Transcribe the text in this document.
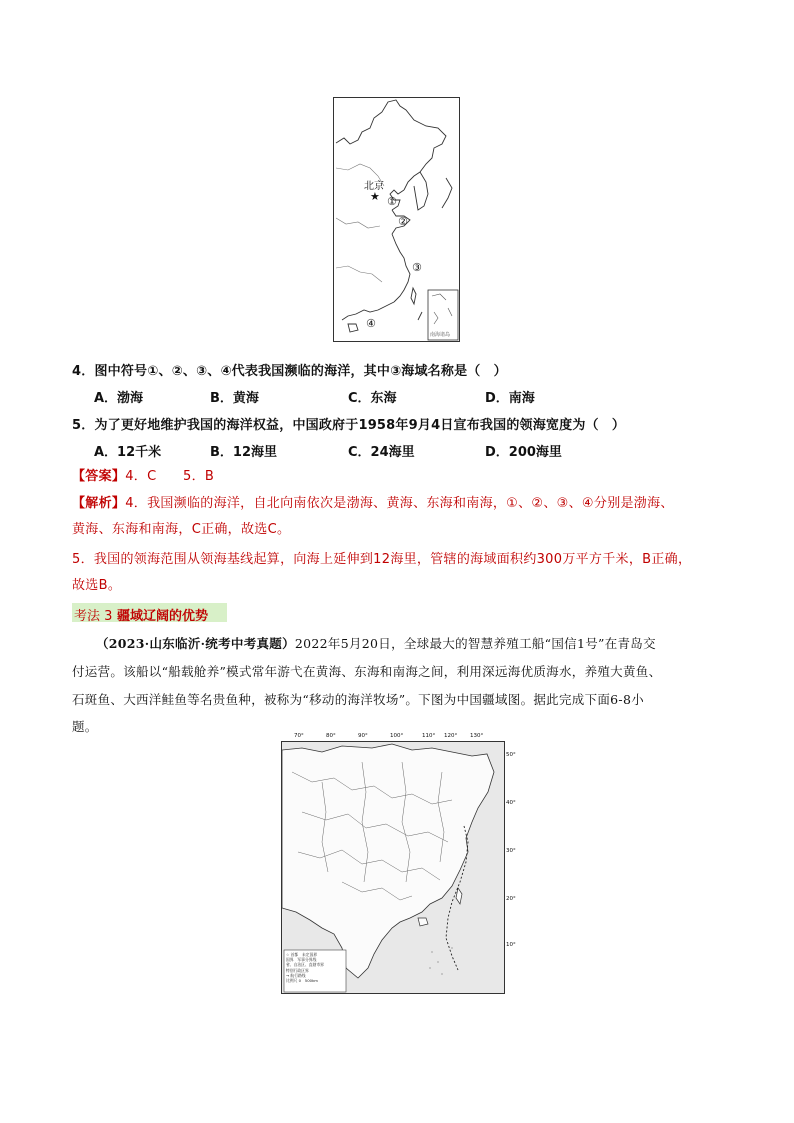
北京
★ ①
②
③
④
南海诸岛
4．图中符号①、②、③、④代表我国濒临的海洋，其中③海域名称是（　）
A．渤海	B．黄海	C．东海	D．南海
5．为了更好地维护我国的海洋权益，中国政府于1958年9月4日宣布我国的领海宽度为（　）
A．12千米	B．12海里	C．24海里	D．200海里
【答案】4．C　　5．B
【解析】4．我国濒临的海洋，自北向南依次是渤海、黄海、东海和南海，①、②、③、④分别是渤海、
黄海、东海和南海，C正确，故选C。
5．我国的领海范围从领海基线起算，向海上延伸到12海里，管辖的海域面积约300万平方千米，B正确，
故选B。
考法 3 疆域辽阔的优势
（2023·山东临沂·统考中考真题）2022年5月20日，全球最大的智慧养殖工船“国信1号”在青岛交
付运营。该船以“船载舱养”模式常年游弋在黄海、东海和南海之间，利用深远海优质海水，养殖大黄鱼、
石斑鱼、大西洋鲑鱼等名贵鱼种，被称为“移动的海洋牧场”。下图为中国疆域图。据此完成下面6-8小
题。
70°	80°	90°	100°	110° 120° 130°
50°
40°
30°
20°
10°
☆ 首都　 未定国界
国界　 军事分界线
省、自治区、直辖市界
特别行政区界
→ 航行路线
比例尺 0　500km
